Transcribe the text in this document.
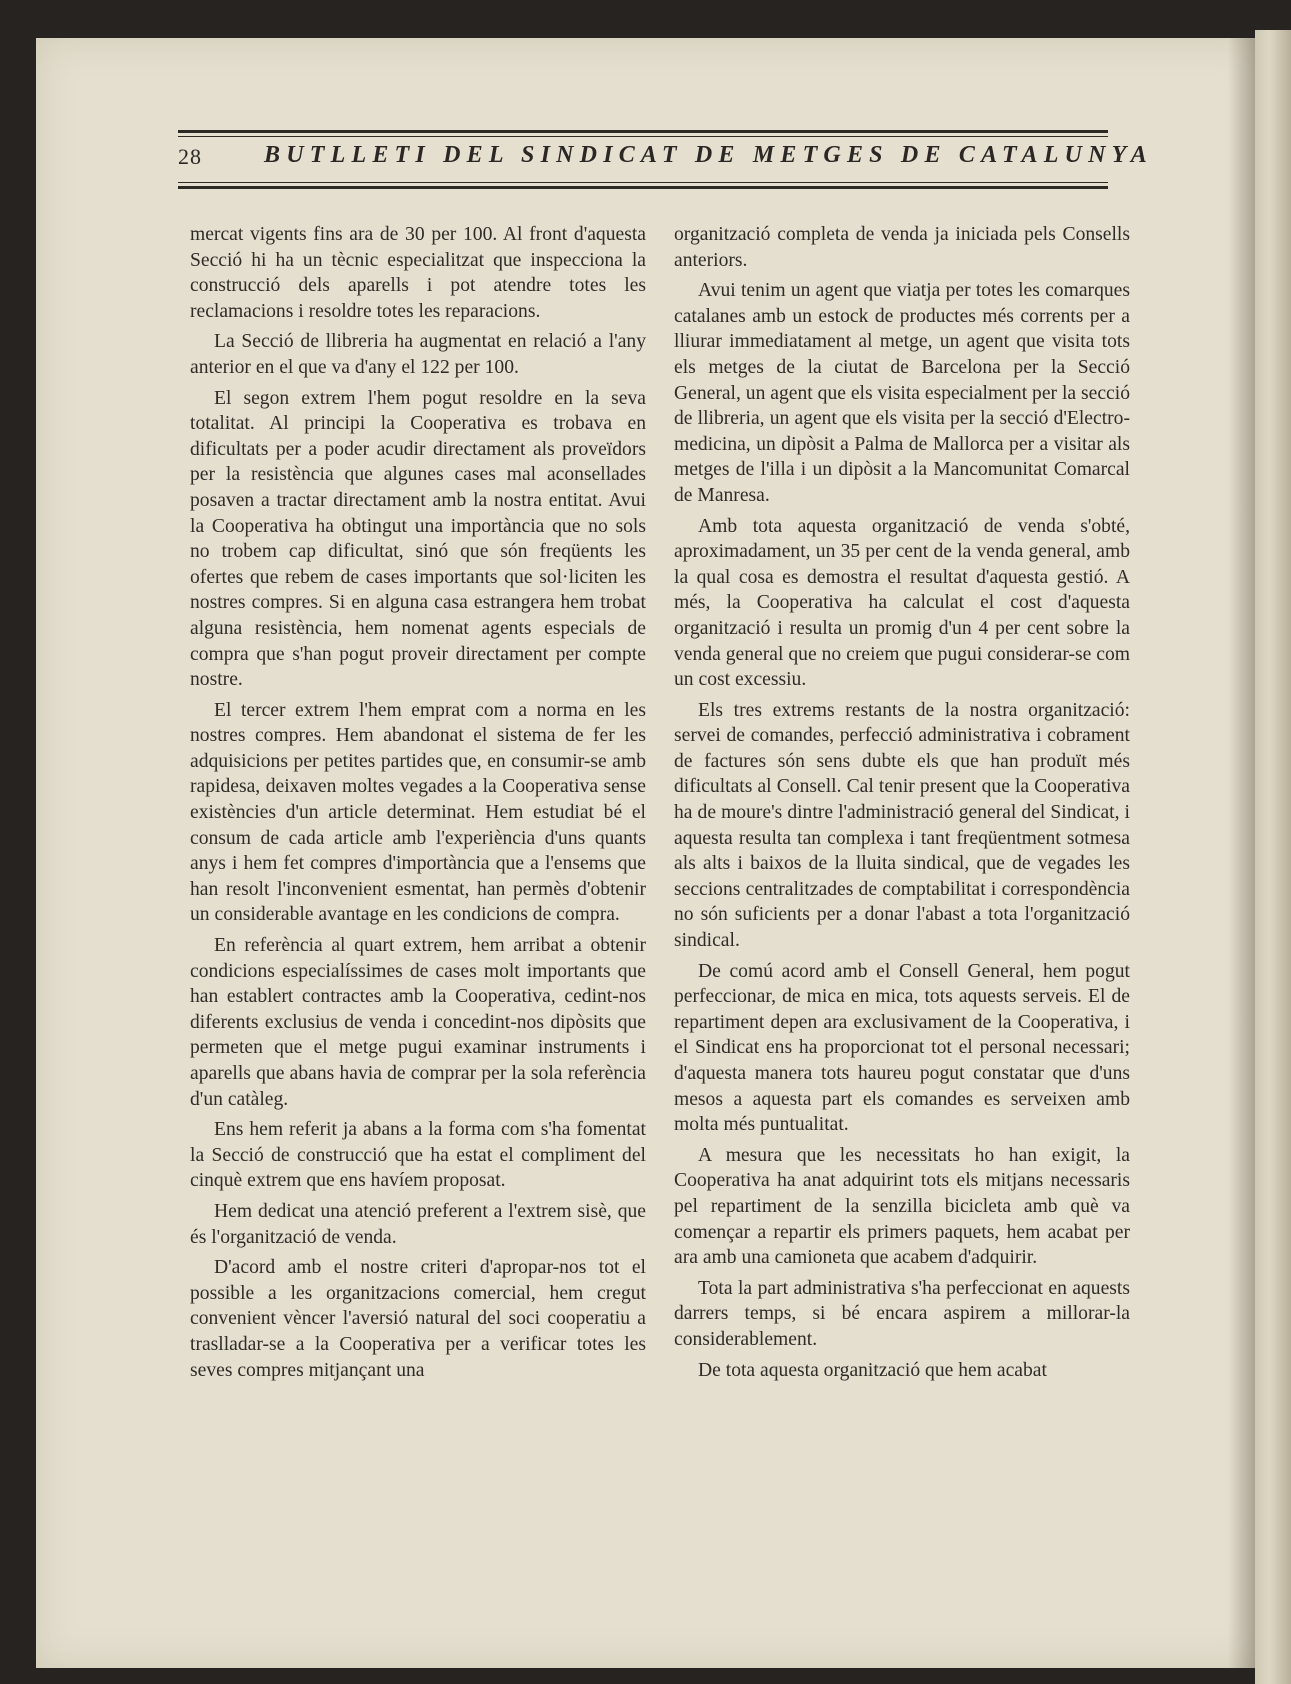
28	BUTLLETI DEL SINDICAT DE METGES DE CATALUNYA

mercat vigents fins ara de 30 per 100. Al front d'aquesta Secció hi ha un tècnic especialitzat que inspecciona la construcció dels aparells i pot atendre totes les reclamacions i resoldre totes les reparacions.

La Secció de llibreria ha augmentat en relació a l'any anterior en el que va d'any el 122 per 100.

El segon extrem l'hem pogut resoldre en la seva totalitat. Al principi la Cooperativa es trobava en dificultats per a poder acudir directament als proveïdors per la resistència que algunes cases mal aconsellades posaven a tractar directament amb la nostra entitat. Avui la Cooperativa ha obtingut una importància que no sols no trobem cap dificultat, sinó que són freqüents les ofertes que rebem de cases importants que sol·liciten les nostres compres. Si en alguna casa estrangera hem trobat alguna resistència, hem nomenat agents especials de compra que s'han pogut proveir directament per compte nostre.

El tercer extrem l'hem emprat com a norma en les nostres compres. Hem abandonat el sistema de fer les adquisicions per petites partides que, en consumir-se amb rapidesa, deixaven moltes vegades a la Cooperativa sense existències d'un article determinat. Hem estudiat bé el consum de cada article amb l'experiència d'uns quants anys i hem fet compres d'importància que a l'ensems que han resolt l'inconvenient esmentat, han permès d'obtenir un considerable avantage en les condicions de compra.

En referència al quart extrem, hem arribat a obtenir condicions especialíssimes de cases molt importants que han establert contractes amb la Cooperativa, cedint-nos diferents exclusius de venda i concedint-nos dipòsits que permeten que el metge pugui examinar instruments i aparells que abans havia de comprar per la sola referència d'un catàleg.

Ens hem referit ja abans a la forma com s'ha fomentat la Secció de construcció que ha estat el compliment del cinquè extrem que ens havíem proposat.

Hem dedicat una atenció preferent a l'extrem sisè, que és l'organització de venda.

D'acord amb el nostre criteri d'apropar-nos tot el possible a les organitzacions comercial, hem cregut convenient vèncer l'aversió natural del soci cooperatiu a traslladar-se a la Cooperativa per a verificar totes les seves compres mitjançant una

organització completa de venda ja iniciada pels Consells anteriors.

Avui tenim un agent que viatja per totes les comarques catalanes amb un estock de productes més corrents per a lliurar immediatament al metge, un agent que visita tots els metges de la ciutat de Barcelona per la Secció General, un agent que els visita especialment per la secció de llibreria, un agent que els visita per la secció d'Electro-medicina, un dipòsit a Palma de Mallorca per a visitar als metges de l'illa i un dipòsit a la Mancomunitat Comarcal de Manresa.

Amb tota aquesta organització de venda s'obté, aproximadament, un 35 per cent de la venda general, amb la qual cosa es demostra el resultat d'aquesta gestió. A més, la Cooperativa ha calculat el cost d'aquesta organització i resulta un promig d'un 4 per cent sobre la venda general que no creiem que pugui considerar-se com un cost excessiu.

Els tres extrems restants de la nostra organització: servei de comandes, perfecció administrativa i cobrament de factures són sens dubte els que han produït més dificultats al Consell. Cal tenir present que la Cooperativa ha de moure's dintre l'administració general del Sindicat, i aquesta resulta tan complexa i tant freqüentment sotmesa als alts i baixos de la lluita sindical, que de vegades les seccions centralitzades de comptabilitat i correspondència no són suficients per a donar l'abast a tota l'organització sindical.

De comú acord amb el Consell General, hem pogut perfeccionar, de mica en mica, tots aquests serveis. El de repartiment depen ara exclusivament de la Cooperativa, i el Sindicat ens ha proporcionat tot el personal necessari; d'aquesta manera tots haureu pogut constatar que d'uns mesos a aquesta part els comandes es serveixen amb molta més puntualitat.

A mesura que les necessitats ho han exigit, la Cooperativa ha anat adquirint tots els mitjans necessaris pel repartiment de la senzilla bicicleta amb què va començar a repartir els primers paquets, hem acabat per ara amb una camioneta que acabem d'adquirir.

Tota la part administrativa s'ha perfeccionat en aquests darrers temps, si bé encara aspirem a millorar-la considerablement.

De tota aquesta organització que hem acabat
